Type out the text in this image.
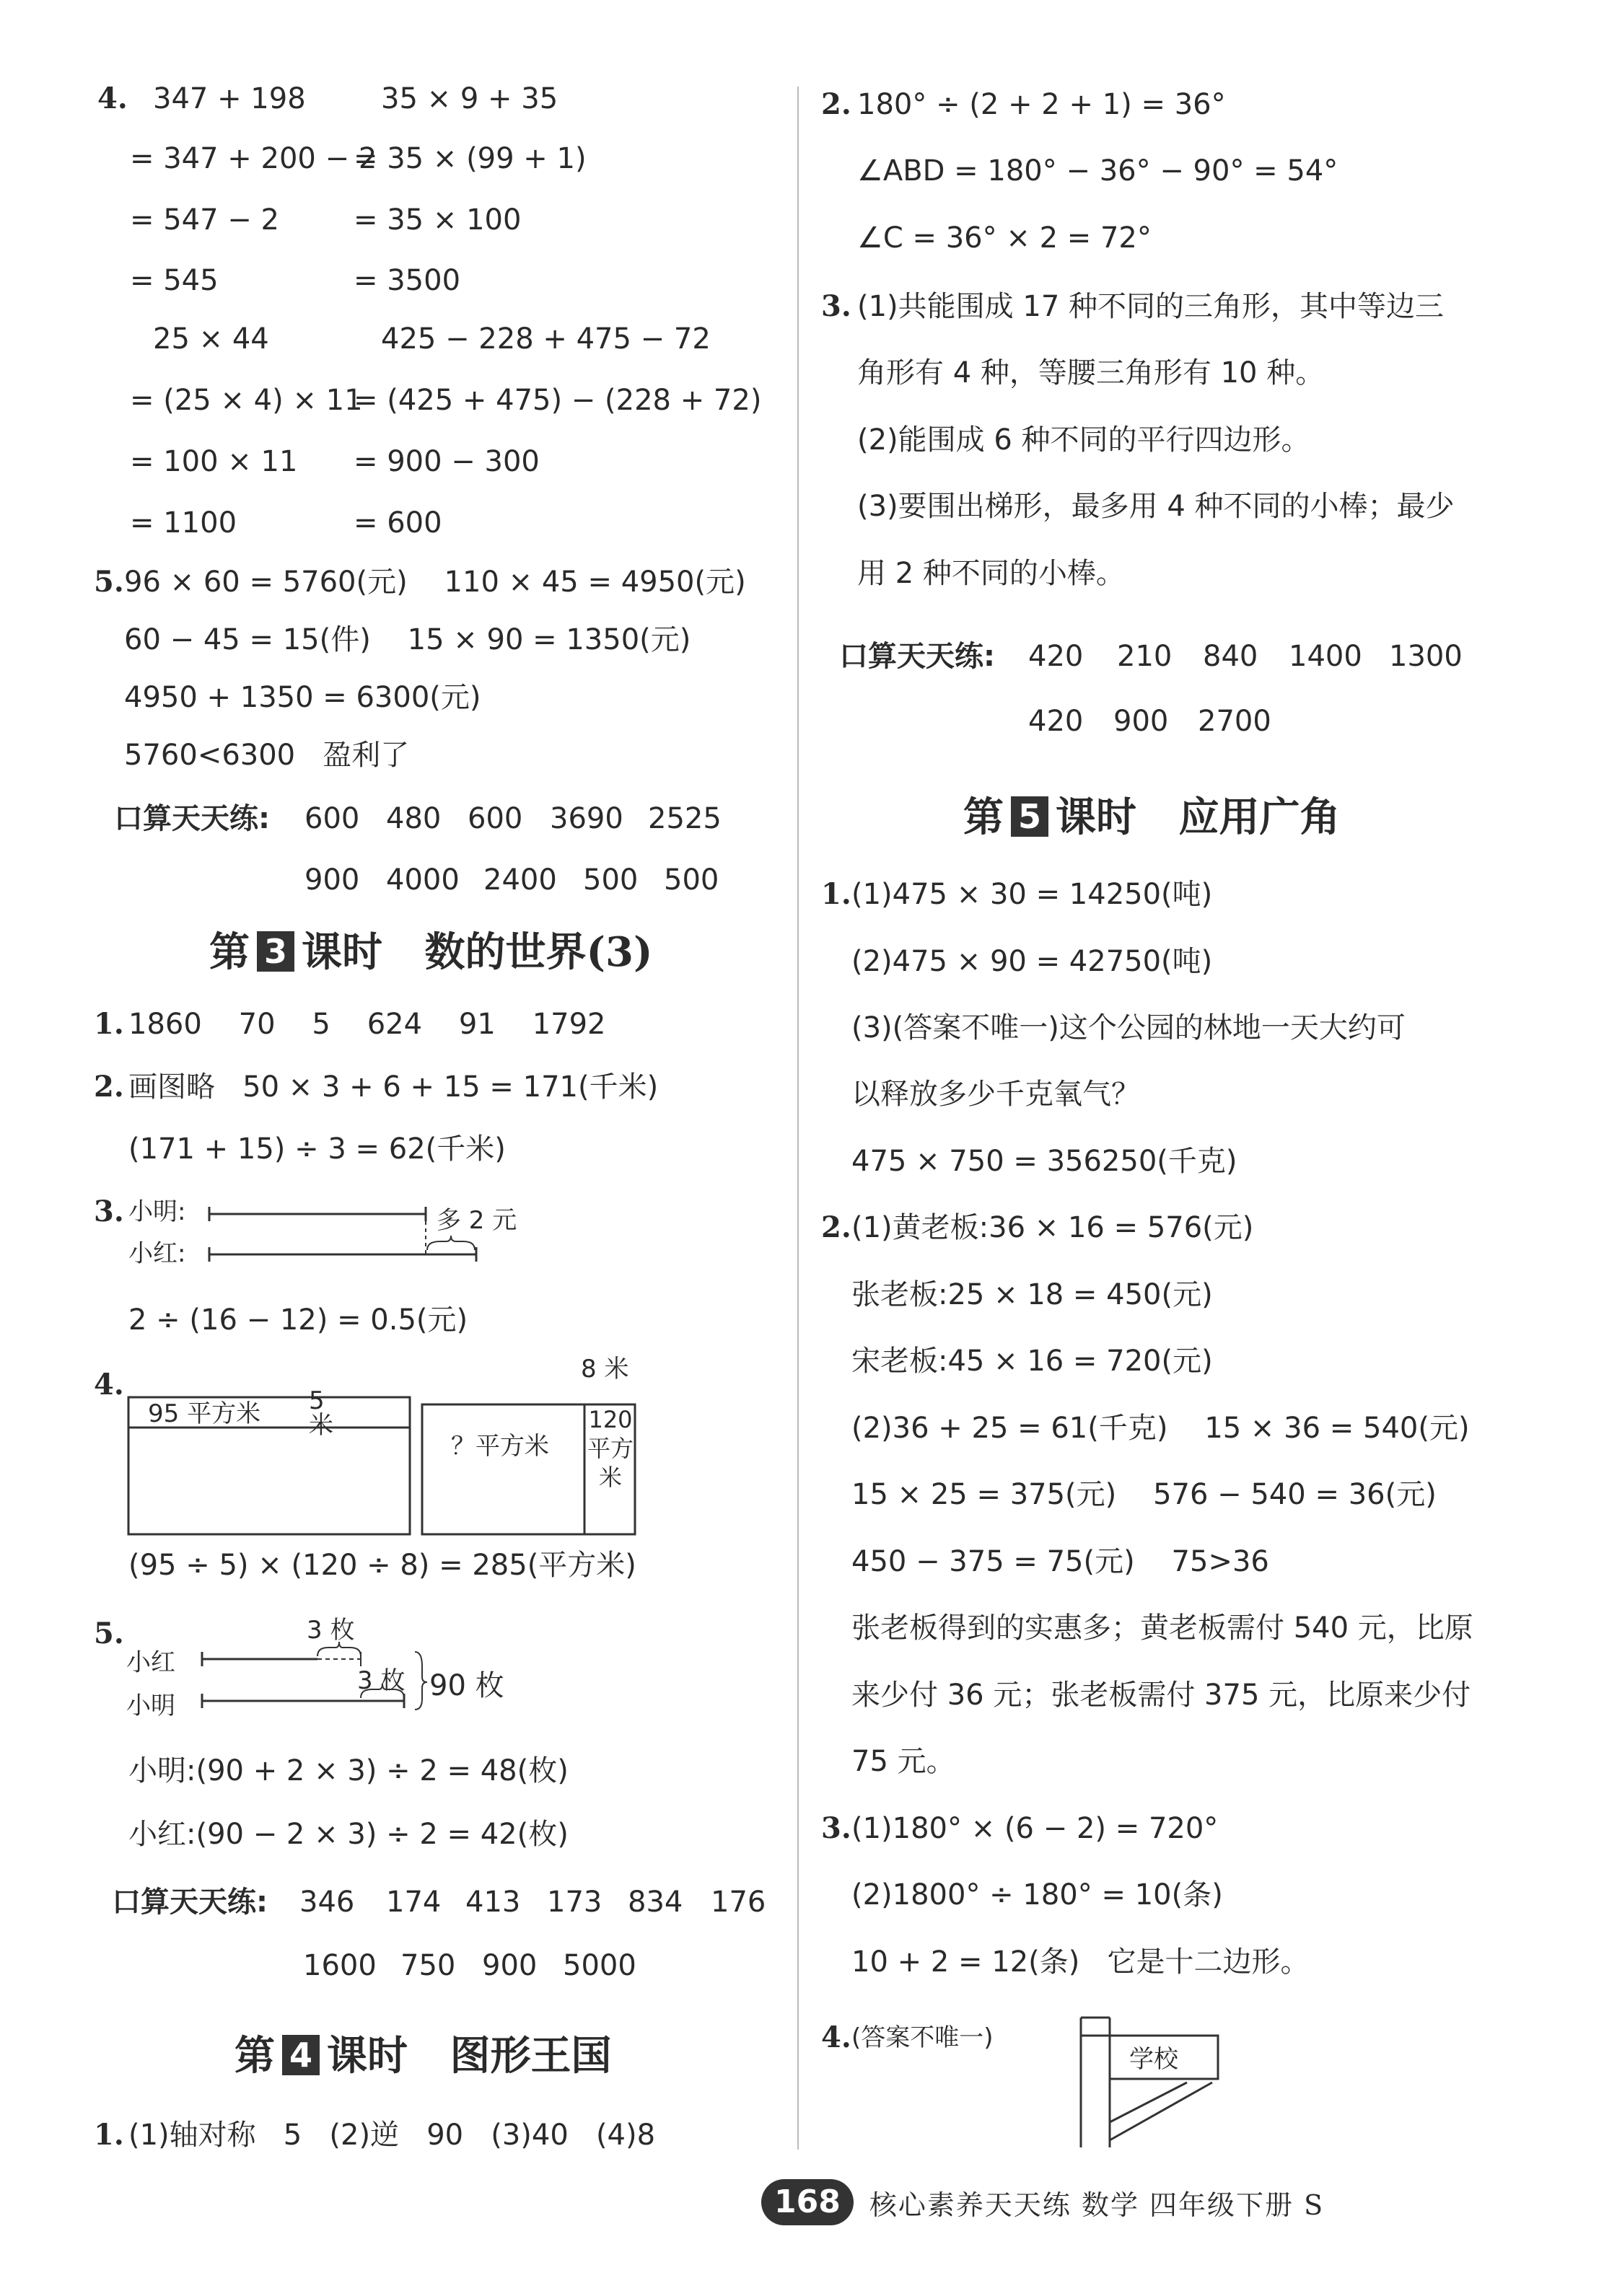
4. 347 + 198
= 347 + 200 − 2
= 547 − 2
= 545
25 × 44
= (25 × 4) × 11
= 100 × 11
= 1100
35 × 9 + 35
= 35 × (99 + 1)
= 35 × 100
= 3500
425 − 228 + 475 − 72
= (425 + 475) − (228 + 72)
= 900 − 300
= 600
5. 96 × 60 = 5760(元)    110 × 45 = 4950(元)
60 − 45 = 15(件)    15 × 90 = 1350(元)
4950 + 1350 = 6300(元)
5760<6300   盈利了
口算天天练: 600 480 600 3690 2525
900 4000 2400 500 500
第 3 课时   数的世界(3)
1. 1860    70    5    624    91    1792
2. 画图略   50 × 3 + 6 + 15 = 171(千米)
(171 + 15) ÷ 3 = 62(千米)
3. 小明:
小红:
多 2 元
2 ÷ (16 − 12) = 0.5(元)
4.
95 平方米 5米
8 米
？平方米
120平方米
(95 ÷ 5) × (120 ÷ 8) = 285(平方米)
5.	3 枚
小红
小明
3 枚 90 枚
小明:(90 + 2 × 3) ÷ 2 = 48(枚)
小红:(90 − 2 × 3) ÷ 2 = 42(枚)
口算天天练: 346 174 413 173 834 176
1600 750 900 5000
第 4 课时   图形王国
1. (1)轴对称   5   (2)逆   90   (3)40   (4)8
2. 180° ÷ (2 + 2 + 1) = 36°
∠ABD = 180° − 36° − 90° = 54°
∠C = 36° × 2 = 72°
3. (1)共能围成 17 种不同的三角形，其中等边三
角形有 4 种，等腰三角形有 10 种。
(2)能围成 6 种不同的平行四边形。
(3)要围出梯形，最多用 4 种不同的小棒；最少
用 2 种不同的小棒。
口算天天练: 420 210 840 1400 1300
420 900 2700
第 5 课时   应用广角
1. (1)475 × 30 = 14250(吨)
(2)475 × 90 = 42750(吨)
(3)(答案不唯一)这个公园的林地一天大约可
以释放多少千克氧气？
475 × 750 = 356250(千克)
2. (1)黄老板:36 × 16 = 576(元)
张老板:25 × 18 = 450(元)
宋老板:45 × 16 = 720(元)
(2)36 + 25 = 61(千克)    15 × 36 = 540(元)
15 × 25 = 375(元)    576 − 540 = 36(元)
450 − 375 = 75(元)    75>36
张老板得到的实惠多；黄老板需付 540 元，比原
来少付 36 元；张老板需付 375 元，比原来少付
75 元。
3. (1)180° × (6 − 2) = 720°
(2)1800° ÷ 180° = 10(条)
10 + 2 = 12(条)   它是十二边形。
4. (答案不唯一)
学校
168	核心素养天天练 数学 四年级下册 S
